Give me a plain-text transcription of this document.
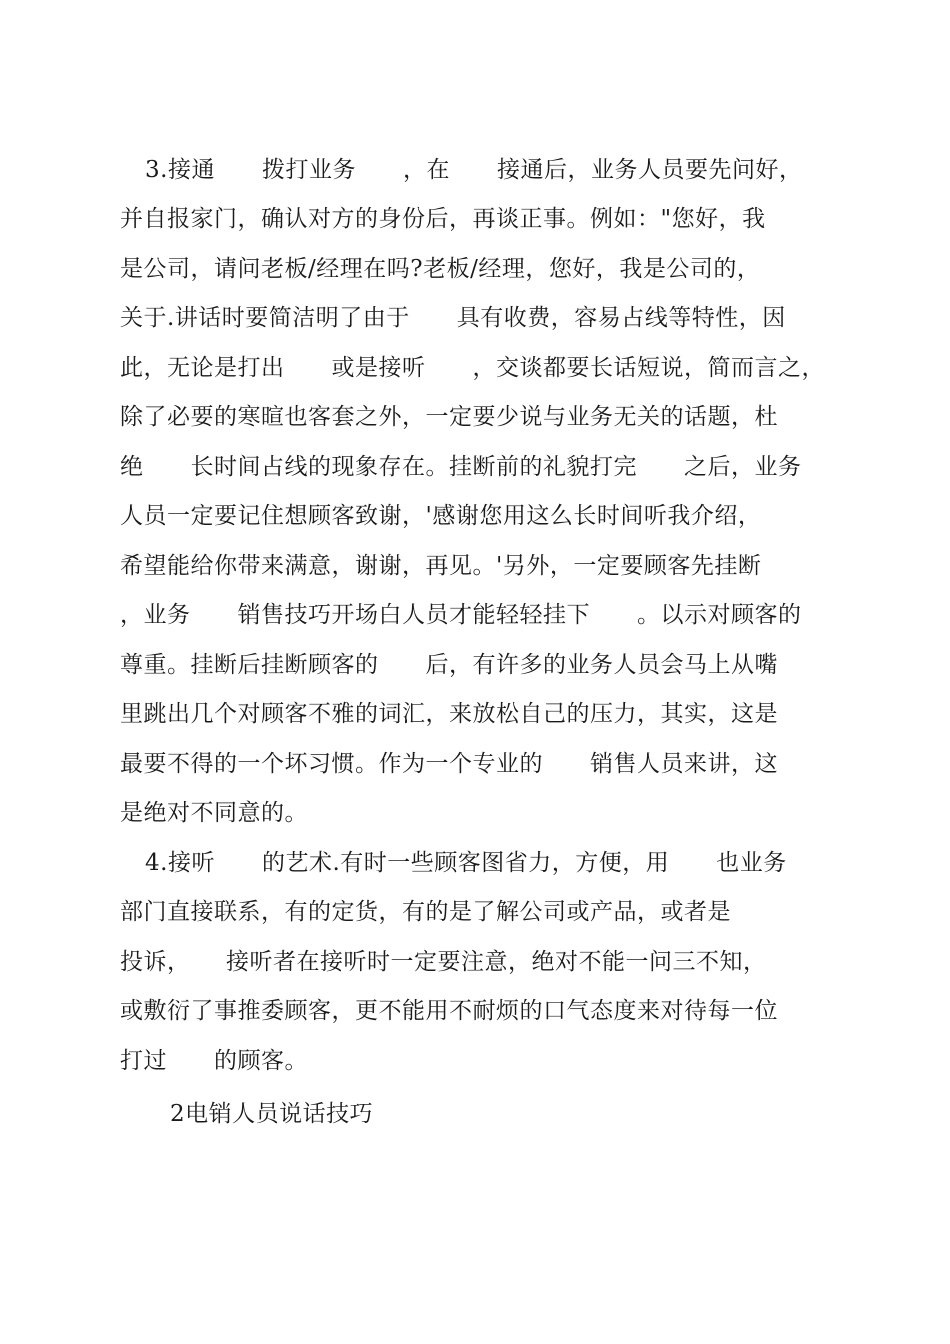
3.接通　　拨打业务　　，在　　接通后，业务人员要先问好，
并自报家门，确认对方的身份后，再谈正事。例如："您好，我
是公司，请问老板/经理在吗?老板/经理，您好，我是公司的，
关于.讲话时要简洁明了由于　　具有收费，容易占线等特性，因
此，无论是打出　　或是接听　　，交谈都要长话短说，简而言之，
除了必要的寒暄也客套之外，一定要少说与业务无关的话题，杜
绝　　长时间占线的现象存在。挂断前的礼貌打完　　之后，业务
人员一定要记住想顾客致谢，'感谢您用这么长时间听我介绍，
希望能给你带来满意，谢谢，再见。'另外，一定要顾客先挂断
，业务　　销售技巧开场白人员才能轻轻挂下　　。以示对顾客的
尊重。挂断后挂断顾客的　　后，有许多的业务人员会马上从嘴
里跳出几个对顾客不雅的词汇，来放松自己的压力，其实，这是
最要不得的一个坏习惯。作为一个专业的　　销售人员来讲，这
是绝对不同意的。
4.接听　　的艺术.有时一些顾客图省力，方便，用　　也业务
部门直接联系，有的定货，有的是了解公司或产品，或者是
投诉，　　接听者在接听时一定要注意，绝对不能一问三不知，
或敷衍了事推委顾客，更不能用不耐烦的口气态度来对待每一位
打过　　的顾客。
2电销人员说话技巧
